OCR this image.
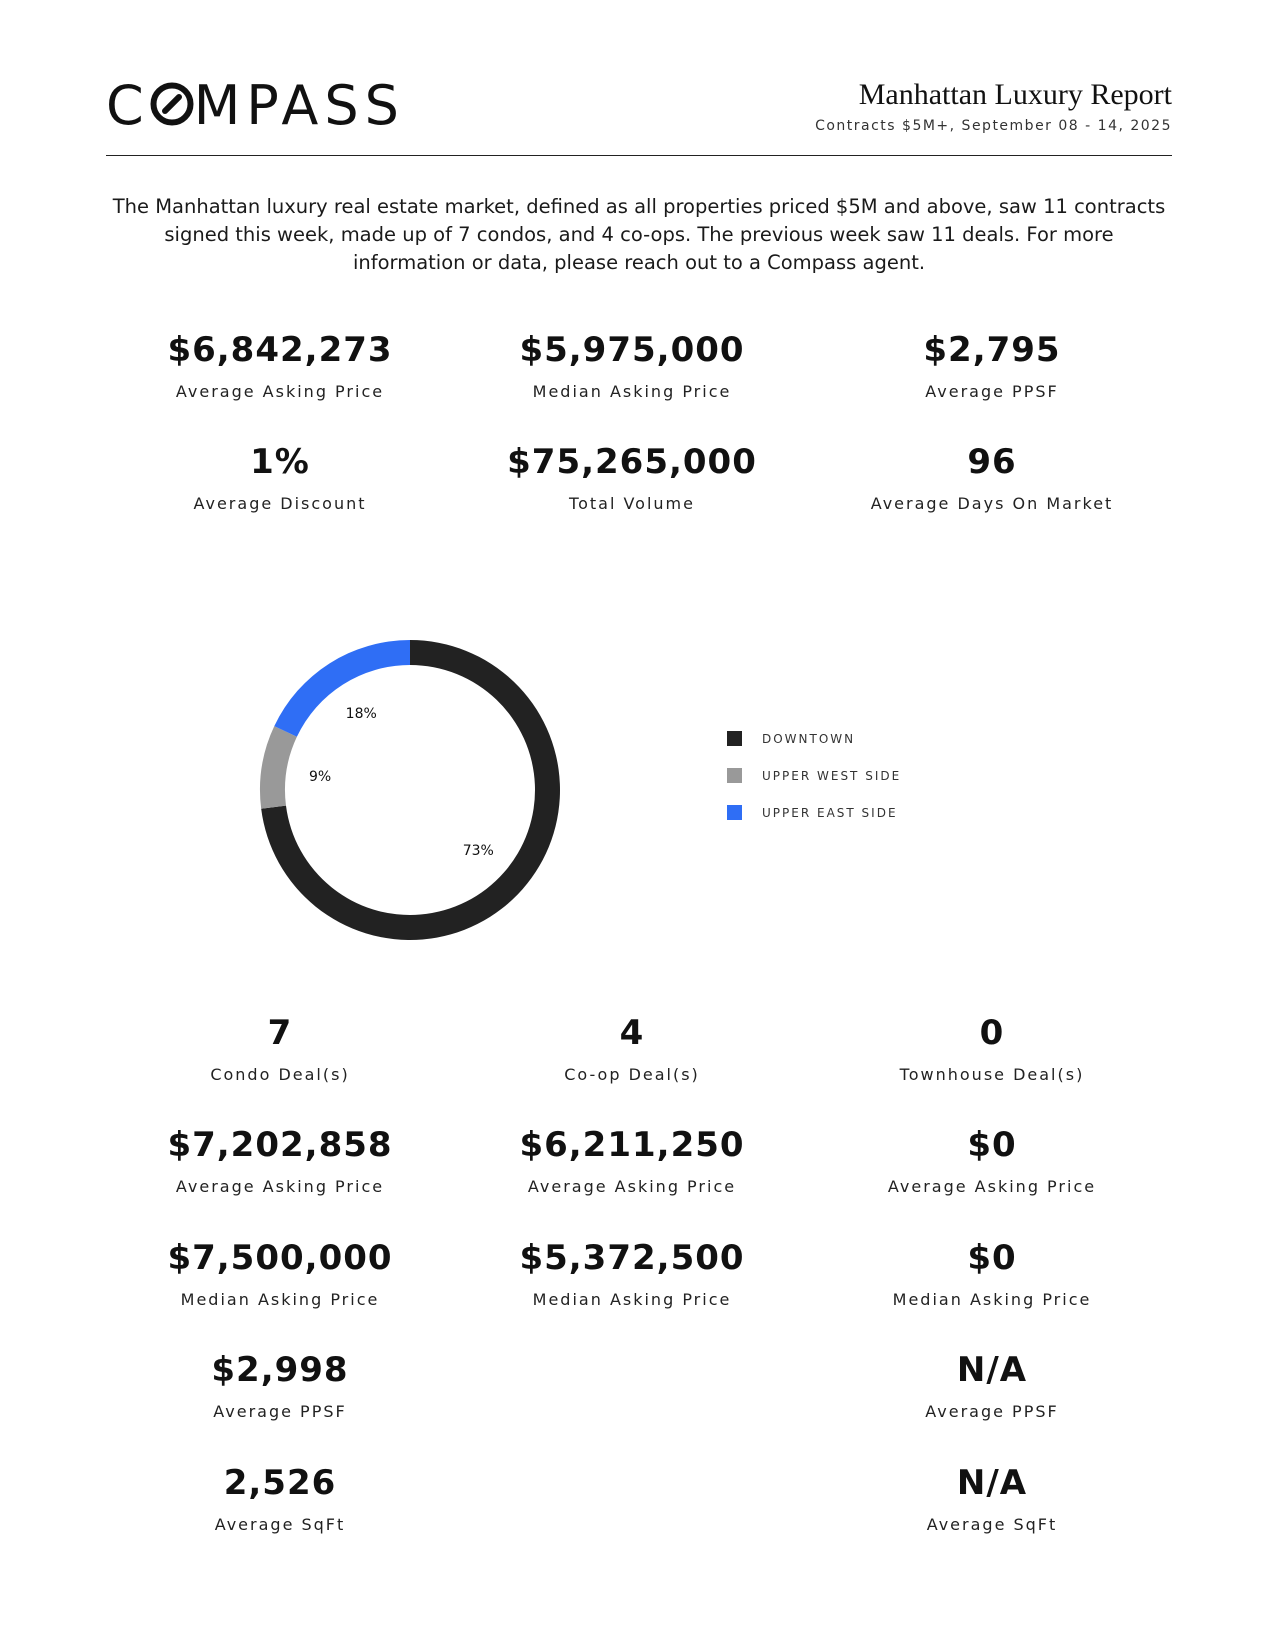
C MPASS	Manhattan Luxury Report
Contracts $5M+, September 08 - 14, 2025

The Manhattan luxury real estate market, defined as all properties priced $5M and above, saw 11 contracts signed this week, made up of 7 condos, and 4 co-ops. The previous week saw 11 deals. For more information or data, please reach out to a Compass agent.

$6,842,273
Average Asking Price
$5,975,000
Median Asking Price
$2,795
Average PPSF
1%
Average Discount
$75,265,000
Total Volume
96
Average Days On Market
73%
9%
18%
DOWNTOWN
UPPER WEST SIDE
UPPER EAST SIDE
7
Condo Deal(s)
$7,202,858
Average Asking Price
$7,500,000
Median Asking Price
$2,998
Average PPSF
2,526
Average SqFt
4
Co-op Deal(s)
$6,211,250
Average Asking Price
$5,372,500
Median Asking Price
0
Townhouse Deal(s)
$0
Average Asking Price
$0
Median Asking Price
N/A
Average PPSF
N/A
Average SqFt
